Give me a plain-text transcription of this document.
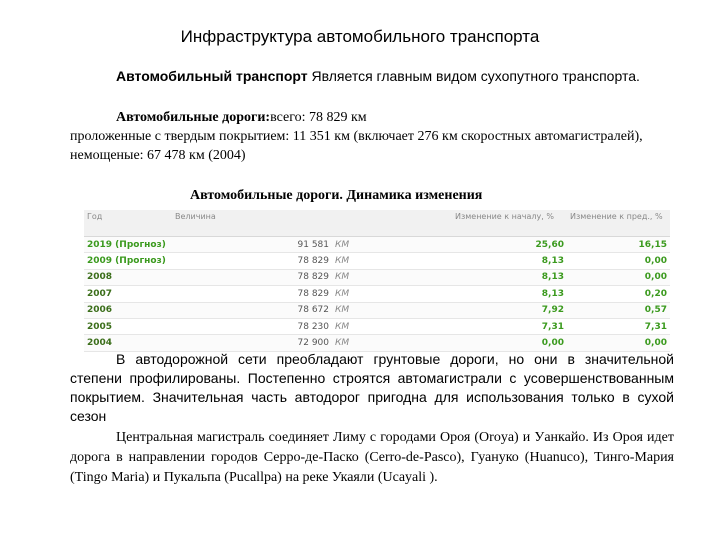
Инфраструктура автомобильного транспорта
Автомобильный транспорт Является главным видом сухопутного транспорта.
Автомобильные дороги:всего: 78 829 км
проложенные с твердым покрытием: 11 351 км (включает 276 км скоростных автомагистралей),
немощеные: 67 478 км (2004)
Автомобильные дороги. Динамика изменения
Год	Величина		Изменение к началу, %	Изменение к пред., %
2019 (Прогноз)	91 581	КМ	25,60	16,15
2009 (Прогноз)	78 829	КМ	8,13	0,00
2008	78 829	КМ	8,13	0,00
2007	78 829	КМ	8,13	0,20
2006	78 672	КМ	7,92	0,57
2005	78 230	КМ	7,31	7,31
2004	72 900	КМ	0,00	0,00
В автодорожной сети преобладают грунтовые дороги, но они в значительной степени профилированы. Постепенно строятся автомагистрали с усовершенствованным покрытием. Значительная часть автодорог пригодна для использования только в сухой сезон
Центральная магистраль соединяет Лиму с городами Ороя (Oroya) и Уанкайо. Из Ороя идет дорога в направлении городов Серро-де-Паско (Cerro-de-Pasco), Гуануко (Huanuco), Тинго-Мария (Tingo Maria) и Пукальпа (Pucallpa) на реке Укаяли (Ucayali ).
